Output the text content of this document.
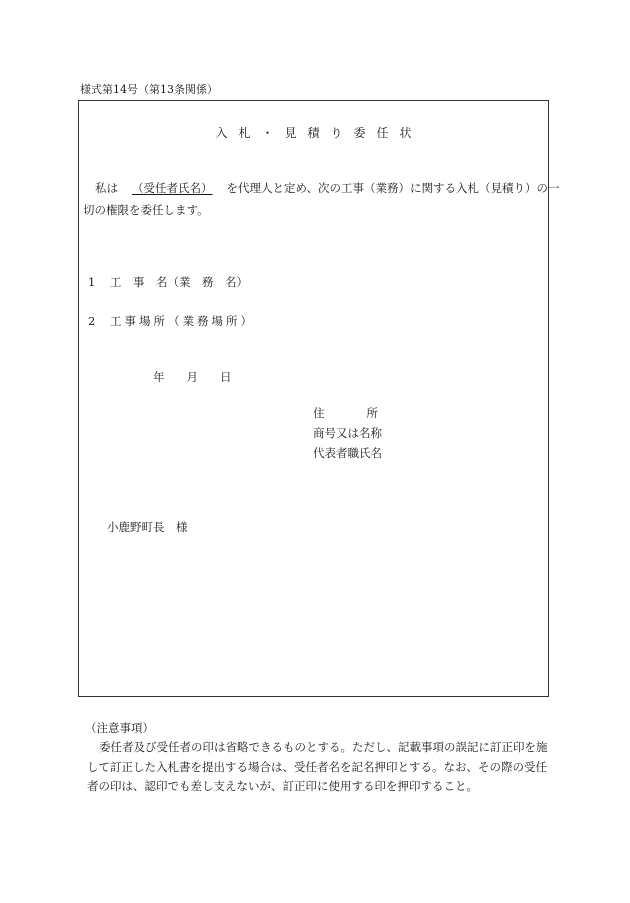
様式第14号（第13条関係）
入札・見積り委任状
私は （受任者氏名） を代理人と定め、次の工事（業務）に関する入札（見積り）の一
切の権限を委任します。
1 工　事　名（業　務　名）
2 工事場所（業務場所）
年 月 日
住	所
商号又は名称
代表者職氏名
小鹿野町長　様
（注意事項）
委任者及び受任者の印は省略できるものとする。ただし、記載事項の誤記に訂正印を施して訂正した入札書を提出する場合は、受任者名を記名押印とする。なお、その際の受任者の印は、認印でも差し支えないが、訂正印に使用する印を押印すること。
